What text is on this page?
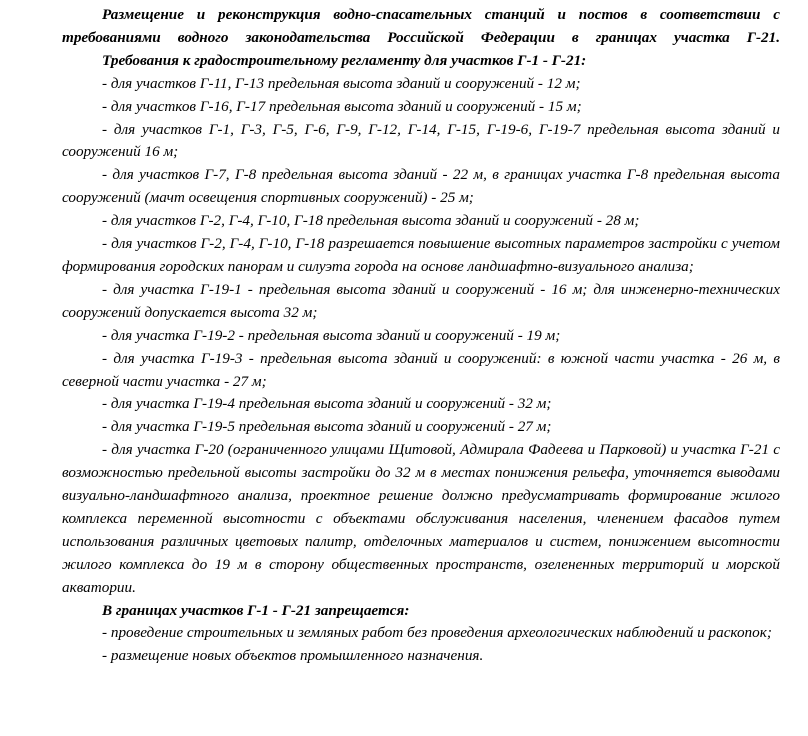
Размещение и реконструкция водно-спасательных станций и постов в соответствии с требованиями водного законодательства Российской Федерации в границах участка Г-21.

Требования к градостроительному регламенту для участков Г-1 - Г-21:

- для участков Г-11, Г-13 предельная высота зданий и сооружений - 12 м;

- для участков Г-16, Г-17 предельная высота зданий и сооружений - 15 м;

- для участков Г-1, Г-3, Г-5, Г-6, Г-9, Г-12, Г-14, Г-15, Г-19-6, Г-19-7 предельная высота зданий и сооружений 16 м;

- для участков Г-7, Г-8 предельная высота зданий - 22 м, в границах участка Г-8 предельная высота сооружений (мачт освещения спортивных сооружений) - 25 м;

- для участков Г-2, Г-4, Г-10, Г-18 предельная высота зданий и сооружений - 28 м;

- для участков Г-2, Г-4, Г-10, Г-18 разрешается повышение высотных параметров застройки с учетом формирования городских панорам и силуэта города на основе ландшафтно-визуального анализа;

- для участка Г-19-1 - предельная высота зданий и сооружений - 16 м; для инженерно-технических сооружений допускается высота 32 м;

- для участка Г-19-2 - предельная высота зданий и сооружений - 19 м;

- для участка Г-19-3 - предельная высота зданий и сооружений: в южной части участка - 26 м, в северной части участка - 27 м;

- для участка Г-19-4 предельная высота зданий и сооружений - 32 м;

- для участка Г-19-5 предельная высота зданий и сооружений - 27 м;

- для участка Г-20 (ограниченного улицами Щитовой, Адмирала Фадеева и Парковой) и участка Г-21 с возможностью предельной высоты застройки до 32 м в местах понижения рельефа, уточняется выводами визуально-ландшафтного анализа, проектное решение должно предусматривать формирование жилого комплекса переменной высотности с объектами обслуживания населения, членением фасадов путем использования различных цветовых палитр, отделочных материалов и систем, понижением высотности жилого комплекса до 19 м в сторону общественных пространств, озелененных территорий и морской акватории.

В границах участков Г-1 - Г-21 запрещается:

- проведение строительных и земляных работ без проведения археологических наблюдений и раскопок;

- размещение новых объектов промышленного назначения.
